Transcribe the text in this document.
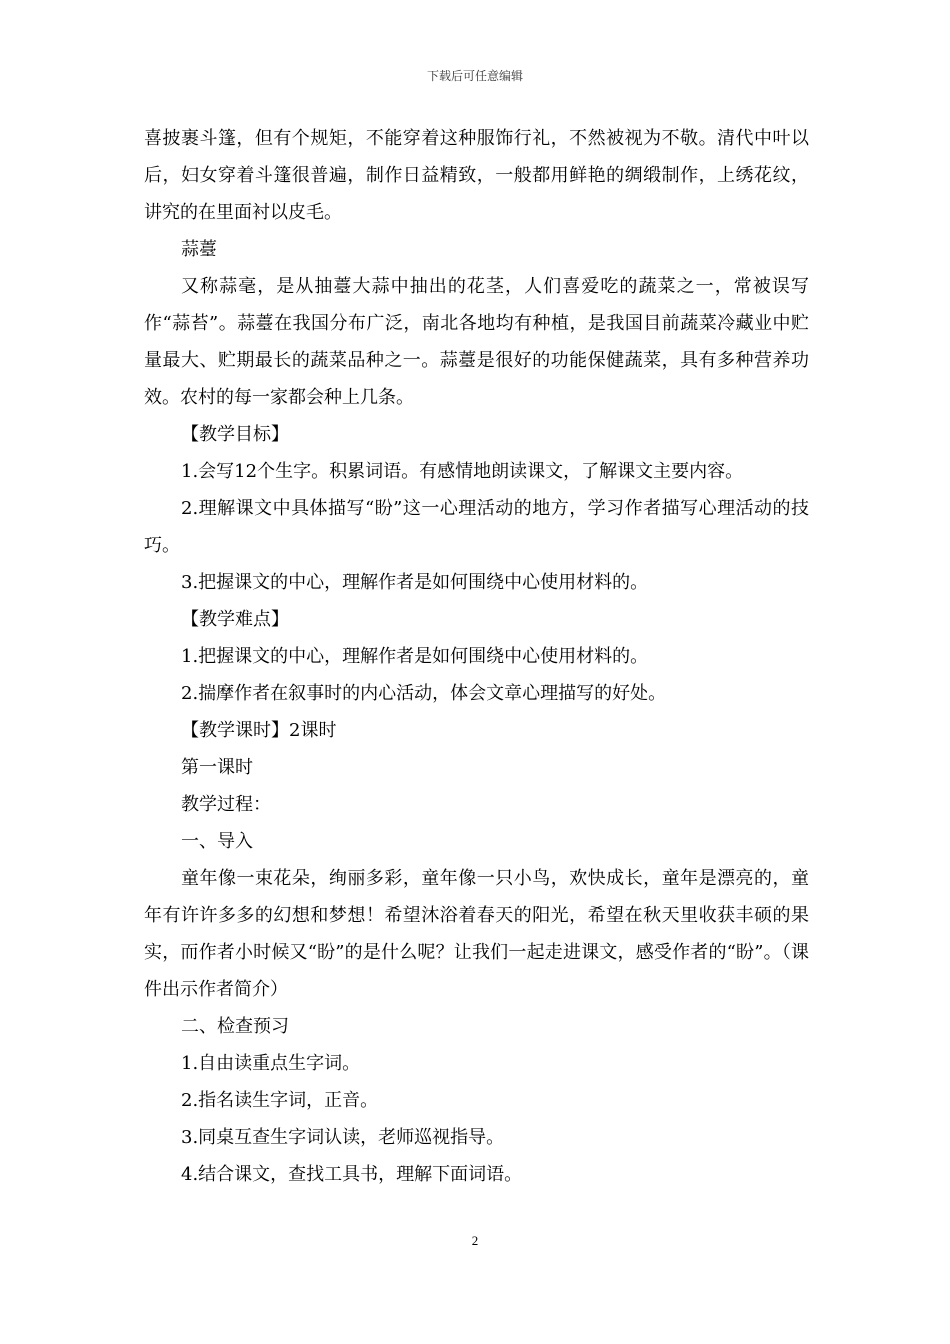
下载后可任意编辑

喜披裹斗篷，但有个规矩，不能穿着这种服饰行礼，不然被视为不敬。清代中叶以后，妇女穿着斗篷很普遍，制作日益精致，一般都用鲜艳的绸缎制作，上绣花纹，讲究的在里面衬以皮毛。

蒜薹

又称蒜毫，是从抽薹大蒜中抽出的花茎，人们喜爱吃的蔬菜之一，常被误写作“蒜苔”。蒜薹在我国分布广泛，南北各地均有种植，是我国目前蔬菜冷藏业中贮量最大、贮期最长的蔬菜品种之一。蒜薹是很好的功能保健蔬菜，具有多种营养功效。农村的每一家都会种上几条。

【教学目标】

1.会写12个生字。积累词语。有感情地朗读课文，了解课文主要内容。

2.理解课文中具体描写“盼”这一心理活动的地方，学习作者描写心理活动的技巧。

3.把握课文的中心，理解作者是如何围绕中心使用材料的。

【教学难点】

1.把握课文的中心，理解作者是如何围绕中心使用材料的。

2.揣摩作者在叙事时的内心活动，体会文章心理描写的好处。

【教学课时】2课时

第一课时

教学过程：

一、导入

童年像一束花朵，绚丽多彩，童年像一只小鸟，欢快成长，童年是漂亮的，童年有许许多多的幻想和梦想！希望沐浴着春天的阳光，希望在秋天里收获丰硕的果实，而作者小时候又“盼”的是什么呢？让我们一起走进课文，感受作者的“盼”。（课件出示作者简介）

二、检查预习

1.自由读重点生字词。

2.指名读生字词，正音。

3.同桌互查生字词认读，老师巡视指导。

4.结合课文，查找工具书，理解下面词语。

2
